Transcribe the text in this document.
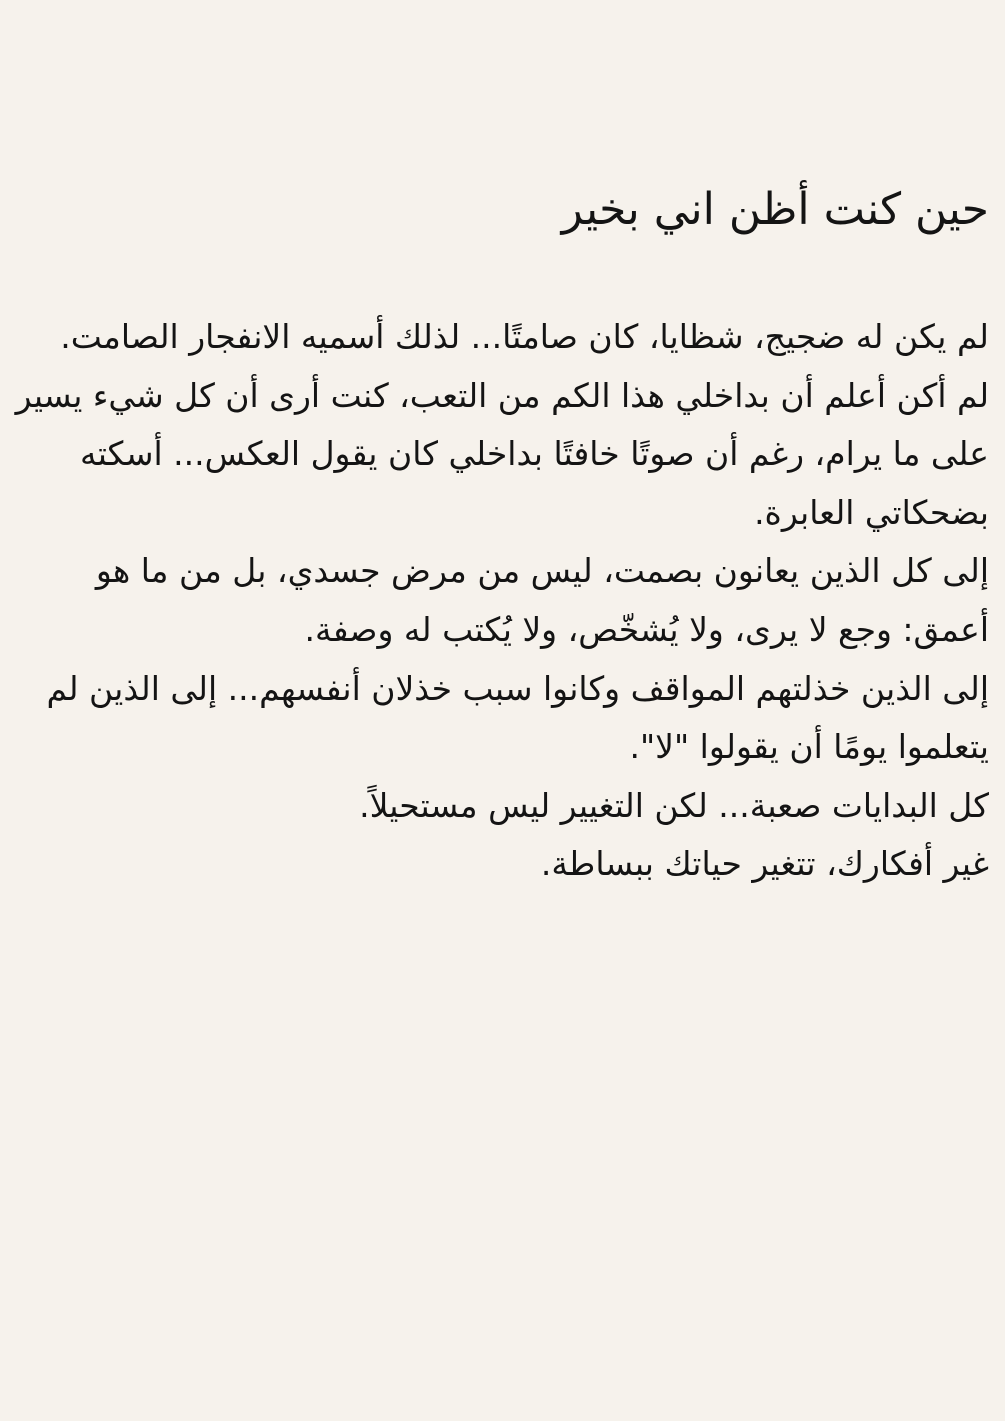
حين كنت أظن اني بخير

لم يكن له ضجيج، شظايا، كان صامتًا... لذلك أسميه الانفجار الصامت.

لم أكن أعلم أن بداخلي هذا الكم من التعب، كنت أرى أن كل شيء يسير على ما يرام، رغم أن صوتًا خافتًا بداخلي كان يقول العكس... أسكته بضحكاتي العابرة.

إلى كل الذين يعانون بصمت، ليس من مرض جسدي، بل من ما هو أعمق: وجع لا يرى، ولا يُشخّص، ولا يُكتب له وصفة.

إلى الذين خذلتهم المواقف وكانوا سبب خذلان أنفسهم... إلى الذين لم يتعلموا يومًا أن يقولوا "لا".

كل البدايات صعبة... لكن التغيير ليس مستحيلاً.

غير أفكارك، تتغير حياتك ببساطة.
